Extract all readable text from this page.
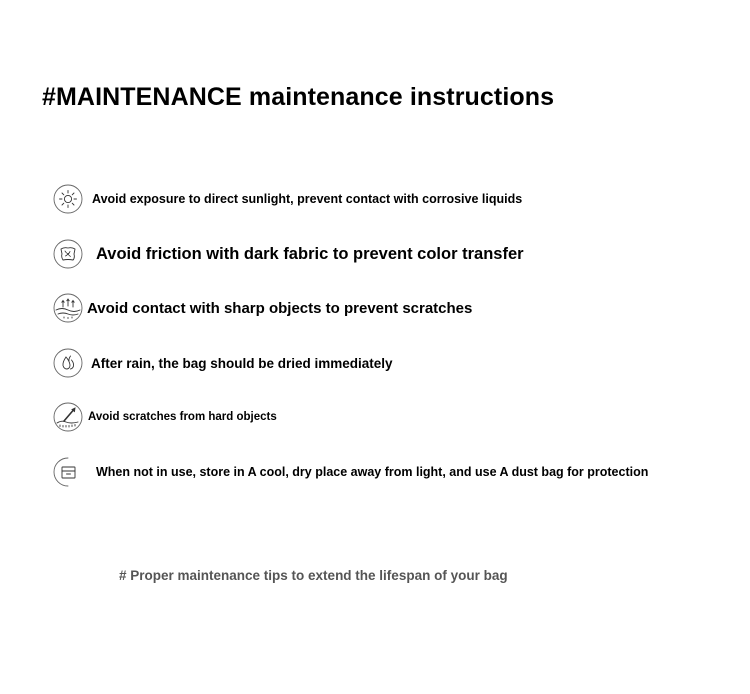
#MAINTENANCE maintenance instructions
Avoid exposure to direct sunlight, prevent contact with corrosive liquids
Avoid friction with dark fabric to prevent color transfer
Avoid contact with sharp objects to prevent scratches
After rain, the bag should be dried immediately
Avoid scratches from hard objects
When not in use, store in A cool, dry place away from light, and use A dust bag for protection
# Proper maintenance tips to extend the lifespan of your bag
